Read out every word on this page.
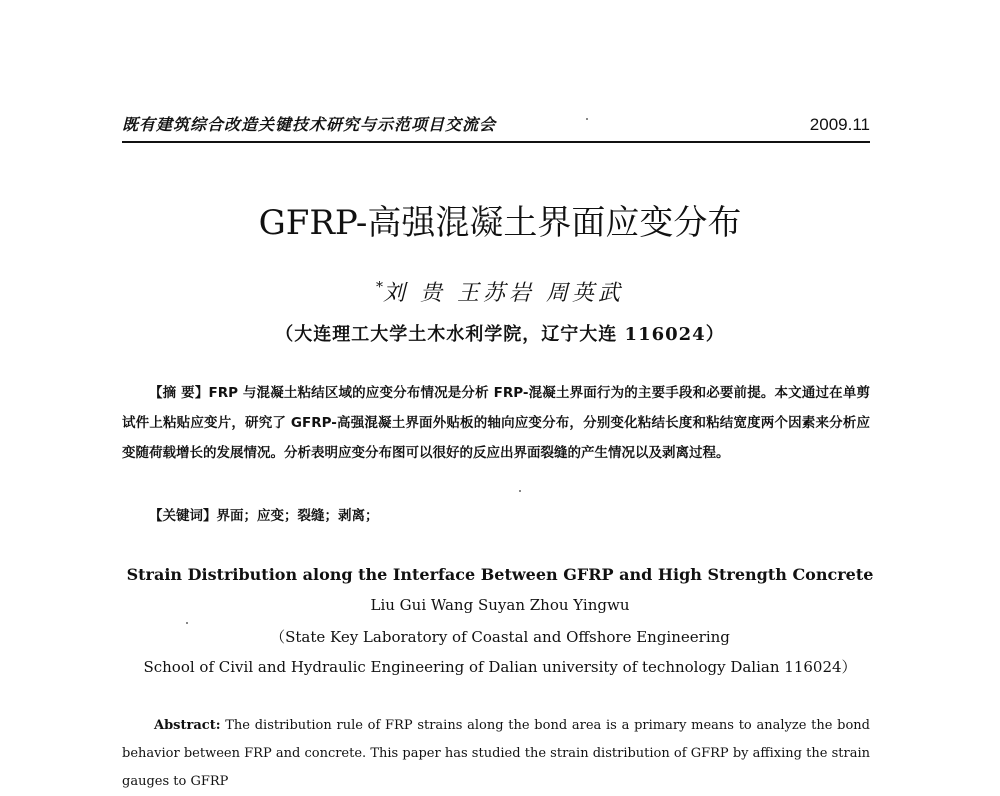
既有建筑综合改造关键技术研究与示范项目交流会	2009.11
GFRP-高强混凝土界面应变分布
*刘 贵 王苏岩 周英武
（大连理工大学土木水利学院，辽宁大连 116024）
【摘 要】FRP 与混凝土粘结区域的应变分布情况是分析 FRP-混凝土界面行为的主要手段和必要前提。本文通过在单剪试件上粘贴应变片，研究了 GFRP-高强混凝土界面外贴板的轴向应变分布，分别变化粘结长度和粘结宽度两个因素来分析应变随荷载增长的发展情况。分析表明应变分布图可以很好的反应出界面裂缝的产生情况以及剥离过程。
【关键词】界面；应变；裂缝；剥离；
Strain Distribution along the Interface Between GFRP and High Strength Concrete
Liu Gui Wang Suyan Zhou Yingwu
（State Key Laboratory of Coastal and Offshore Engineering
School of Civil and Hydraulic Engineering of Dalian university of technology Dalian 116024）
Abstract: The distribution rule of FRP strains along the bond area is a primary means to analyze the bond behavior between FRP and concrete. This paper has studied the strain distribution of GFRP by affixing the strain gauges to GFRP
